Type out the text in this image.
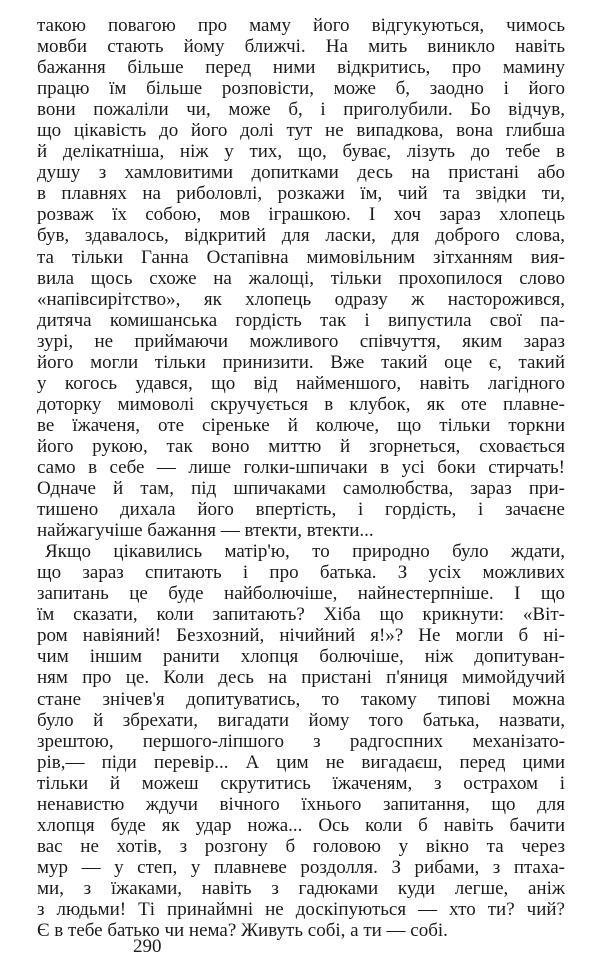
такою повагою про маму його відгукуються, чимось
мовби стають йому ближчі. На мить виникло навіть
бажання більше перед ними відкритись, про мамину
працю їм більше розповісти, може б, заодно і його
вони пожаліли чи, може б, і приголубили. Бо відчув,
що цікавість до його долі тут не випадкова, вона глибша
й делікатніша, ніж у тих, що, буває, лізуть до тебе в
душу з хамловитими допитками десь на пристані або
в плавнях на риболовлі, розкажи їм, чий та звідки ти,
розваж їх собою, мов іграшкою. І хоч зараз хлопець
був, здавалось, відкритий для ласки, для доброго слова,
та тільки Ганна Остапівна мимовільним зітханням вия-
вила щось схоже на жалощі, тільки прохопилося слово
«напівсирітство», як хлопець одразу ж насторожився,
дитяча комишанська гордість так і випустила свої па-
зурі, не приймаючи можливого співчуття, яким зараз
його могли тільки принизити. Вже такий оце є, такий
у когось удався, що від найменшого, навіть лагідного
доторку мимоволі скручується в клубок, як оте плавне-
ве їжаченя, оте сіреньке й колюче, що тільки торкни
його рукою, так воно миттю й згорнеться, сховається
само в себе — лише голки-шпичаки в усі боки стирчать!
Одначе й там, під шпичаками самолюбства, зараз при-
тишено дихала його впертість, і гордість, і зачаєне
найжагучіше бажання — втекти, втекти...
Якщо цікавились матір'ю, то природно було ждати,
що зараз спитають і про батька. З усіх можливих
запитань це буде найболючіше, найнестерпніше. І що
їм сказати, коли запитають? Хіба що крикнути: «Віт-
ром навіяний! Безхозний, нічийний я!»? Не могли б ні-
чим іншим ранити хлопця болючіше, ніж допитуван-
ням про це. Коли десь на пристані п'яниця мимойдучий
стане знічев'я допитуватись, то такому типові можна
було й збрехати, вигадати йому того батька, назвати,
зрештою, першого-ліпшого з радгоспних механізато-
рів,— піди перевір... А цим не вигадаєш, перед цими
тільки й можеш скрутитись їжаченям, з острахом і
ненавистю ждучи вічного їхнього запитання, що для
хлопця буде як удар ножа... Ось коли б навіть бачити
вас не хотів, з розгону б головою у вікно та через
мур — у степ, у плавневе роздолля. З рибами, з птаха-
ми, з їжаками, навіть з гадюками куди легше, аніж
з людьми! Ті принаймні не доскіпуються — хто ти? чий?
Є в тебе батько чи нема? Живуть собі, а ти — собі.
290
